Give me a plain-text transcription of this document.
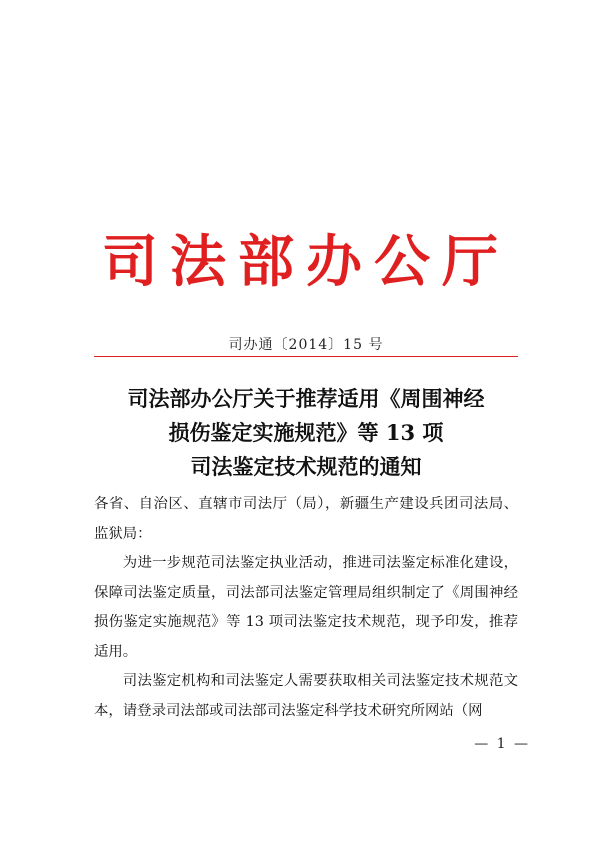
司法部办公厅
司办通〔2014〕15 号
司法部办公厅关于推荐适用《周围神经
损伤鉴定实施规范》等 13 项
司法鉴定技术规范的通知

各省、自治区、直辖市司法厅（局），新疆生产建设兵团司法局、监狱局：

为进一步规范司法鉴定执业活动，推进司法鉴定标准化建设，保障司法鉴定质量，司法部司法鉴定管理局组织制定了《周围神经损伤鉴定实施规范》等 13 项司法鉴定技术规范，现予印发，推荐适用。

司法鉴定机构和司法鉴定人需要获取相关司法鉴定技术规范文本，请登录司法部或司法部司法鉴定科学技术研究所网站（网

— 1 —
